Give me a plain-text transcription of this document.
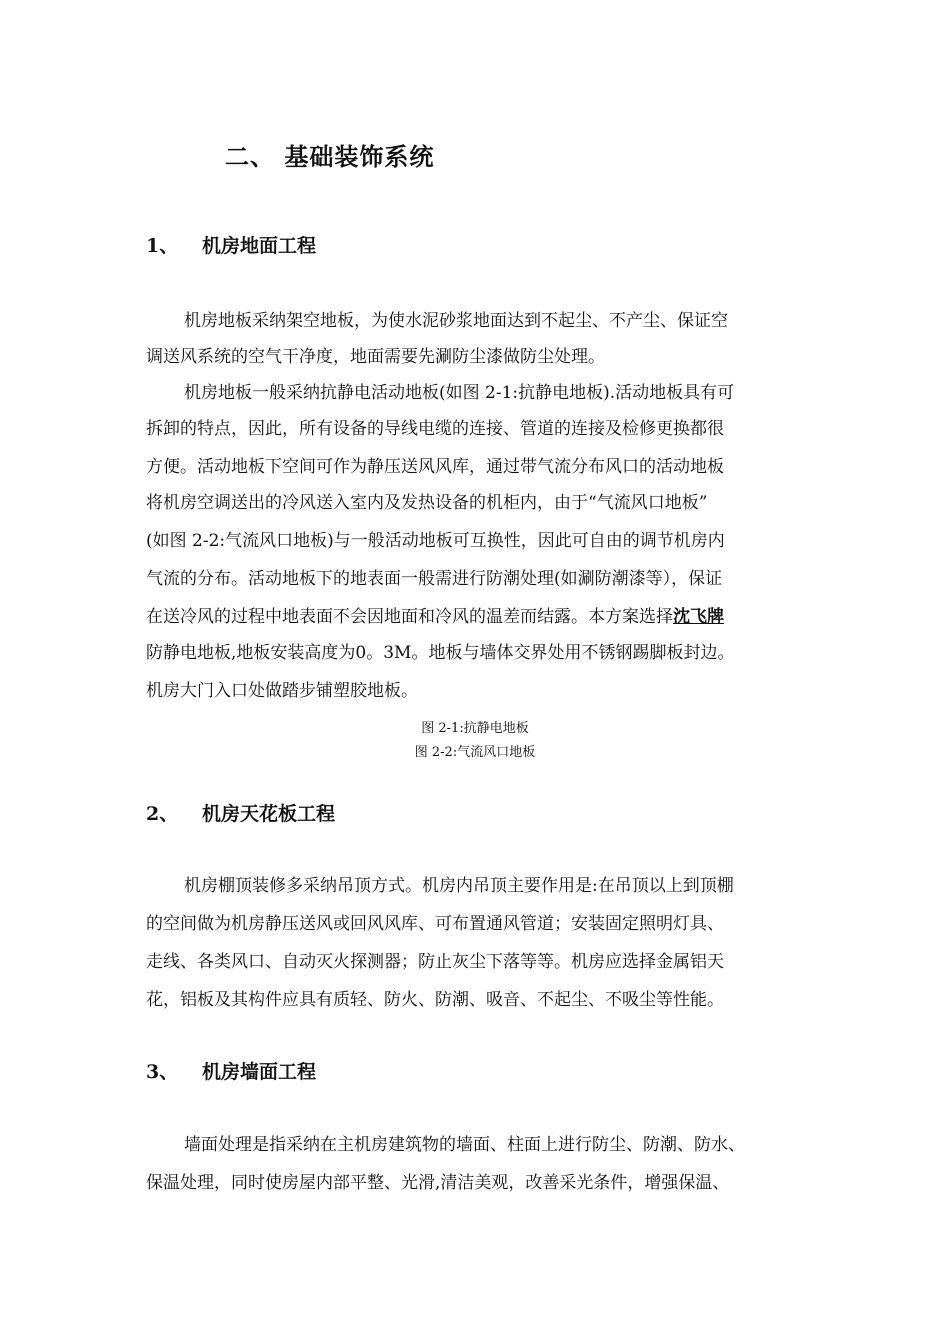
二、 基础装饰系统
1、 机房地面工程
机房地板采纳架空地板，为使水泥砂浆地面达到不起尘、不产尘、保证空
调送风系统的空气干净度，地面需要先涮防尘漆做防尘处理。
机房地板一般采纳抗静电活动地板(如图 2-1:抗静电地板).活动地板具有可
拆卸的特点，因此，所有设备的导线电缆的连接、管道的连接及检修更换都很
方便。活动地板下空间可作为静压送风风库，通过带气流分布风口的活动地板
将机房空调送出的冷风送入室内及发热设备的机柜内，由于“气流风口地板”
(如图 2-2:气流风口地板)与一般活动地板可互换性，因此可自由的调节机房内
气流的分布。活动地板下的地表面一般需进行防潮处理(如涮防潮漆等），保证
在送冷风的过程中地表面不会因地面和冷风的温差而结露。本方案选择沈飞牌
防静电地板,地板安装高度为0。3M。地板与墙体交界处用不锈钢踢脚板封边。
机房大门入口处做踏步铺塑胶地板。
图 2-1:抗静电地板
图 2-2:气流风口地板
2、 机房天花板工程
机房棚顶装修多采纳吊顶方式。机房内吊顶主要作用是:在吊顶以上到顶棚
的空间做为机房静压送风或回风风库、可布置通风管道；安装固定照明灯具、
走线、各类风口、自动灭火探测器；防止灰尘下落等等。机房应选择金属铝天
花，铝板及其构件应具有质轻、防火、防潮、吸音、不起尘、不吸尘等性能。
3、 机房墙面工程
墙面处理是指采纳在主机房建筑物的墙面、柱面上进行防尘、防潮、防水、
保温处理，同时使房屋内部平整、光滑,清洁美观，改善采光条件，增强保温、
